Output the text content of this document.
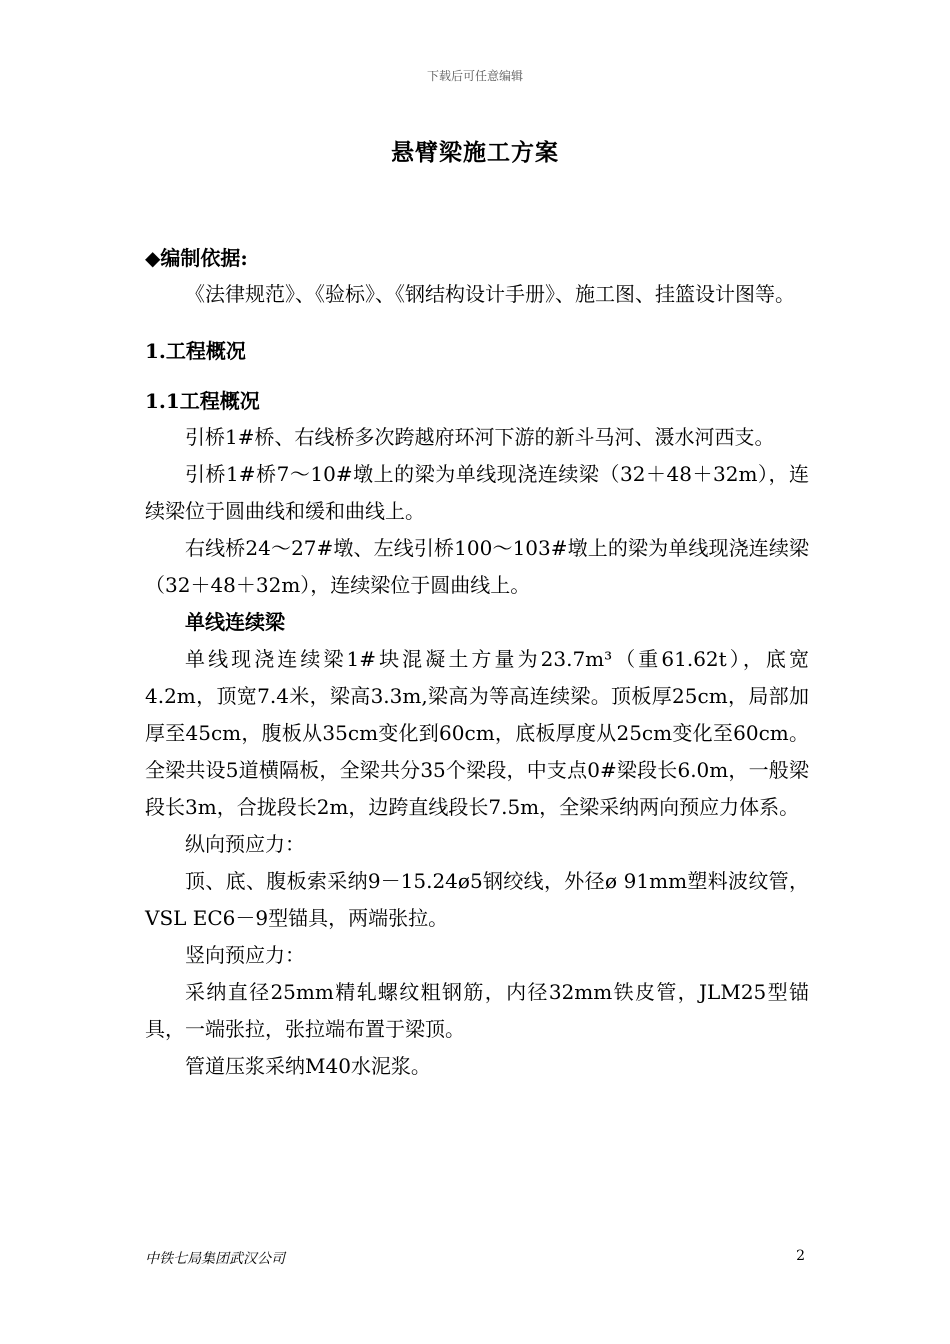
下载后可任意编辑
悬臂梁施工方案

◆编制依据:

《法律规范》、《验标》、《钢结构设计手册》、施工图、挂篮设计图等。

1.工程概况

1.1工程概况

引桥1#桥、右线桥多次跨越府环河下游的新斗马河、滠水河西支。

引桥1#桥7～10#墩上的梁为单线现浇连续梁（32＋48＋32m），连续梁位于圆曲线和缓和曲线上。

右线桥24～27#墩、左线引桥100～103#墩上的梁为单线现浇连续梁（32＋48＋32m），连续梁位于圆曲线上。

单线连续梁

单线现浇连续梁1#块混凝土方量为23.7m³（重61.62t），底宽4.2m，顶宽7.4米，梁高3.3m,梁高为等高连续梁。顶板厚25cm，局部加厚至45cm，腹板从35cm变化到60cm，底板厚度从25cm变化至60cm。全梁共设5道横隔板，全梁共分35个梁段，中支点0#梁段长6.0m，一般梁段长3m，合拢段长2m，边跨直线段长7.5m，全梁采纳两向预应力体系。

纵向预应力：

顶、底、腹板索采纳9－15.24ø5钢绞线，外径ø 91mm塑料波纹管，VSL EC6－9型锚具，两端张拉。

竖向预应力：

采纳直径25mm精轧螺纹粗钢筋，内径32mm铁皮管，JLM25型锚具，一端张拉，张拉端布置于梁顶。

管道压浆采纳M40水泥浆。

中铁七局集团武汉公司	2
